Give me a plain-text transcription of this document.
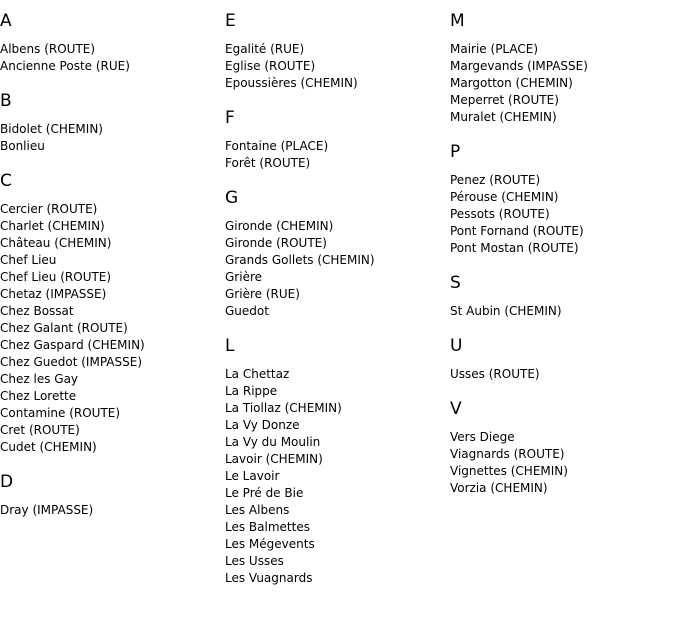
A
Albens (ROUTE)
Ancienne Poste (RUE)
B
Bidolet (CHEMIN)
Bonlieu
C
Cercier (ROUTE)
Charlet (CHEMIN)
Château (CHEMIN)
Chef Lieu
Chef Lieu (ROUTE)
Chetaz (IMPASSE)
Chez Bossat
Chez Galant (ROUTE)
Chez Gaspard (CHEMIN)
Chez Guedot (IMPASSE)
Chez les Gay
Chez Lorette
Contamine (ROUTE)
Cret (ROUTE)
Cudet (CHEMIN)
D
Dray (IMPASSE)
E
Egalité (RUE)
Eglise (ROUTE)
Epoussières (CHEMIN)
F
Fontaine (PLACE)
Forêt (ROUTE)
G
Gironde (CHEMIN)
Gironde (ROUTE)
Grands Gollets (CHEMIN)
Grière
Grière (RUE)
Guedot
L
La Chettaz
La Rippe
La Tiollaz (CHEMIN)
La Vy Donze
La Vy du Moulin
Lavoir (CHEMIN)
Le Lavoir
Le Pré de Bie
Les Albens
Les Balmettes
Les Mégevents
Les Usses
Les Vuagnards
M
Mairie (PLACE)
Margevands (IMPASSE)
Margotton (CHEMIN)
Meperret (ROUTE)
Muralet (CHEMIN)
P
Penez (ROUTE)
Pérouse (CHEMIN)
Pessots (ROUTE)
Pont Fornand (ROUTE)
Pont Mostan (ROUTE)
S
St Aubin (CHEMIN)
U
Usses (ROUTE)
V
Vers Diege
Viagnards (ROUTE)
Vignettes (CHEMIN)
Vorzia (CHEMIN)
